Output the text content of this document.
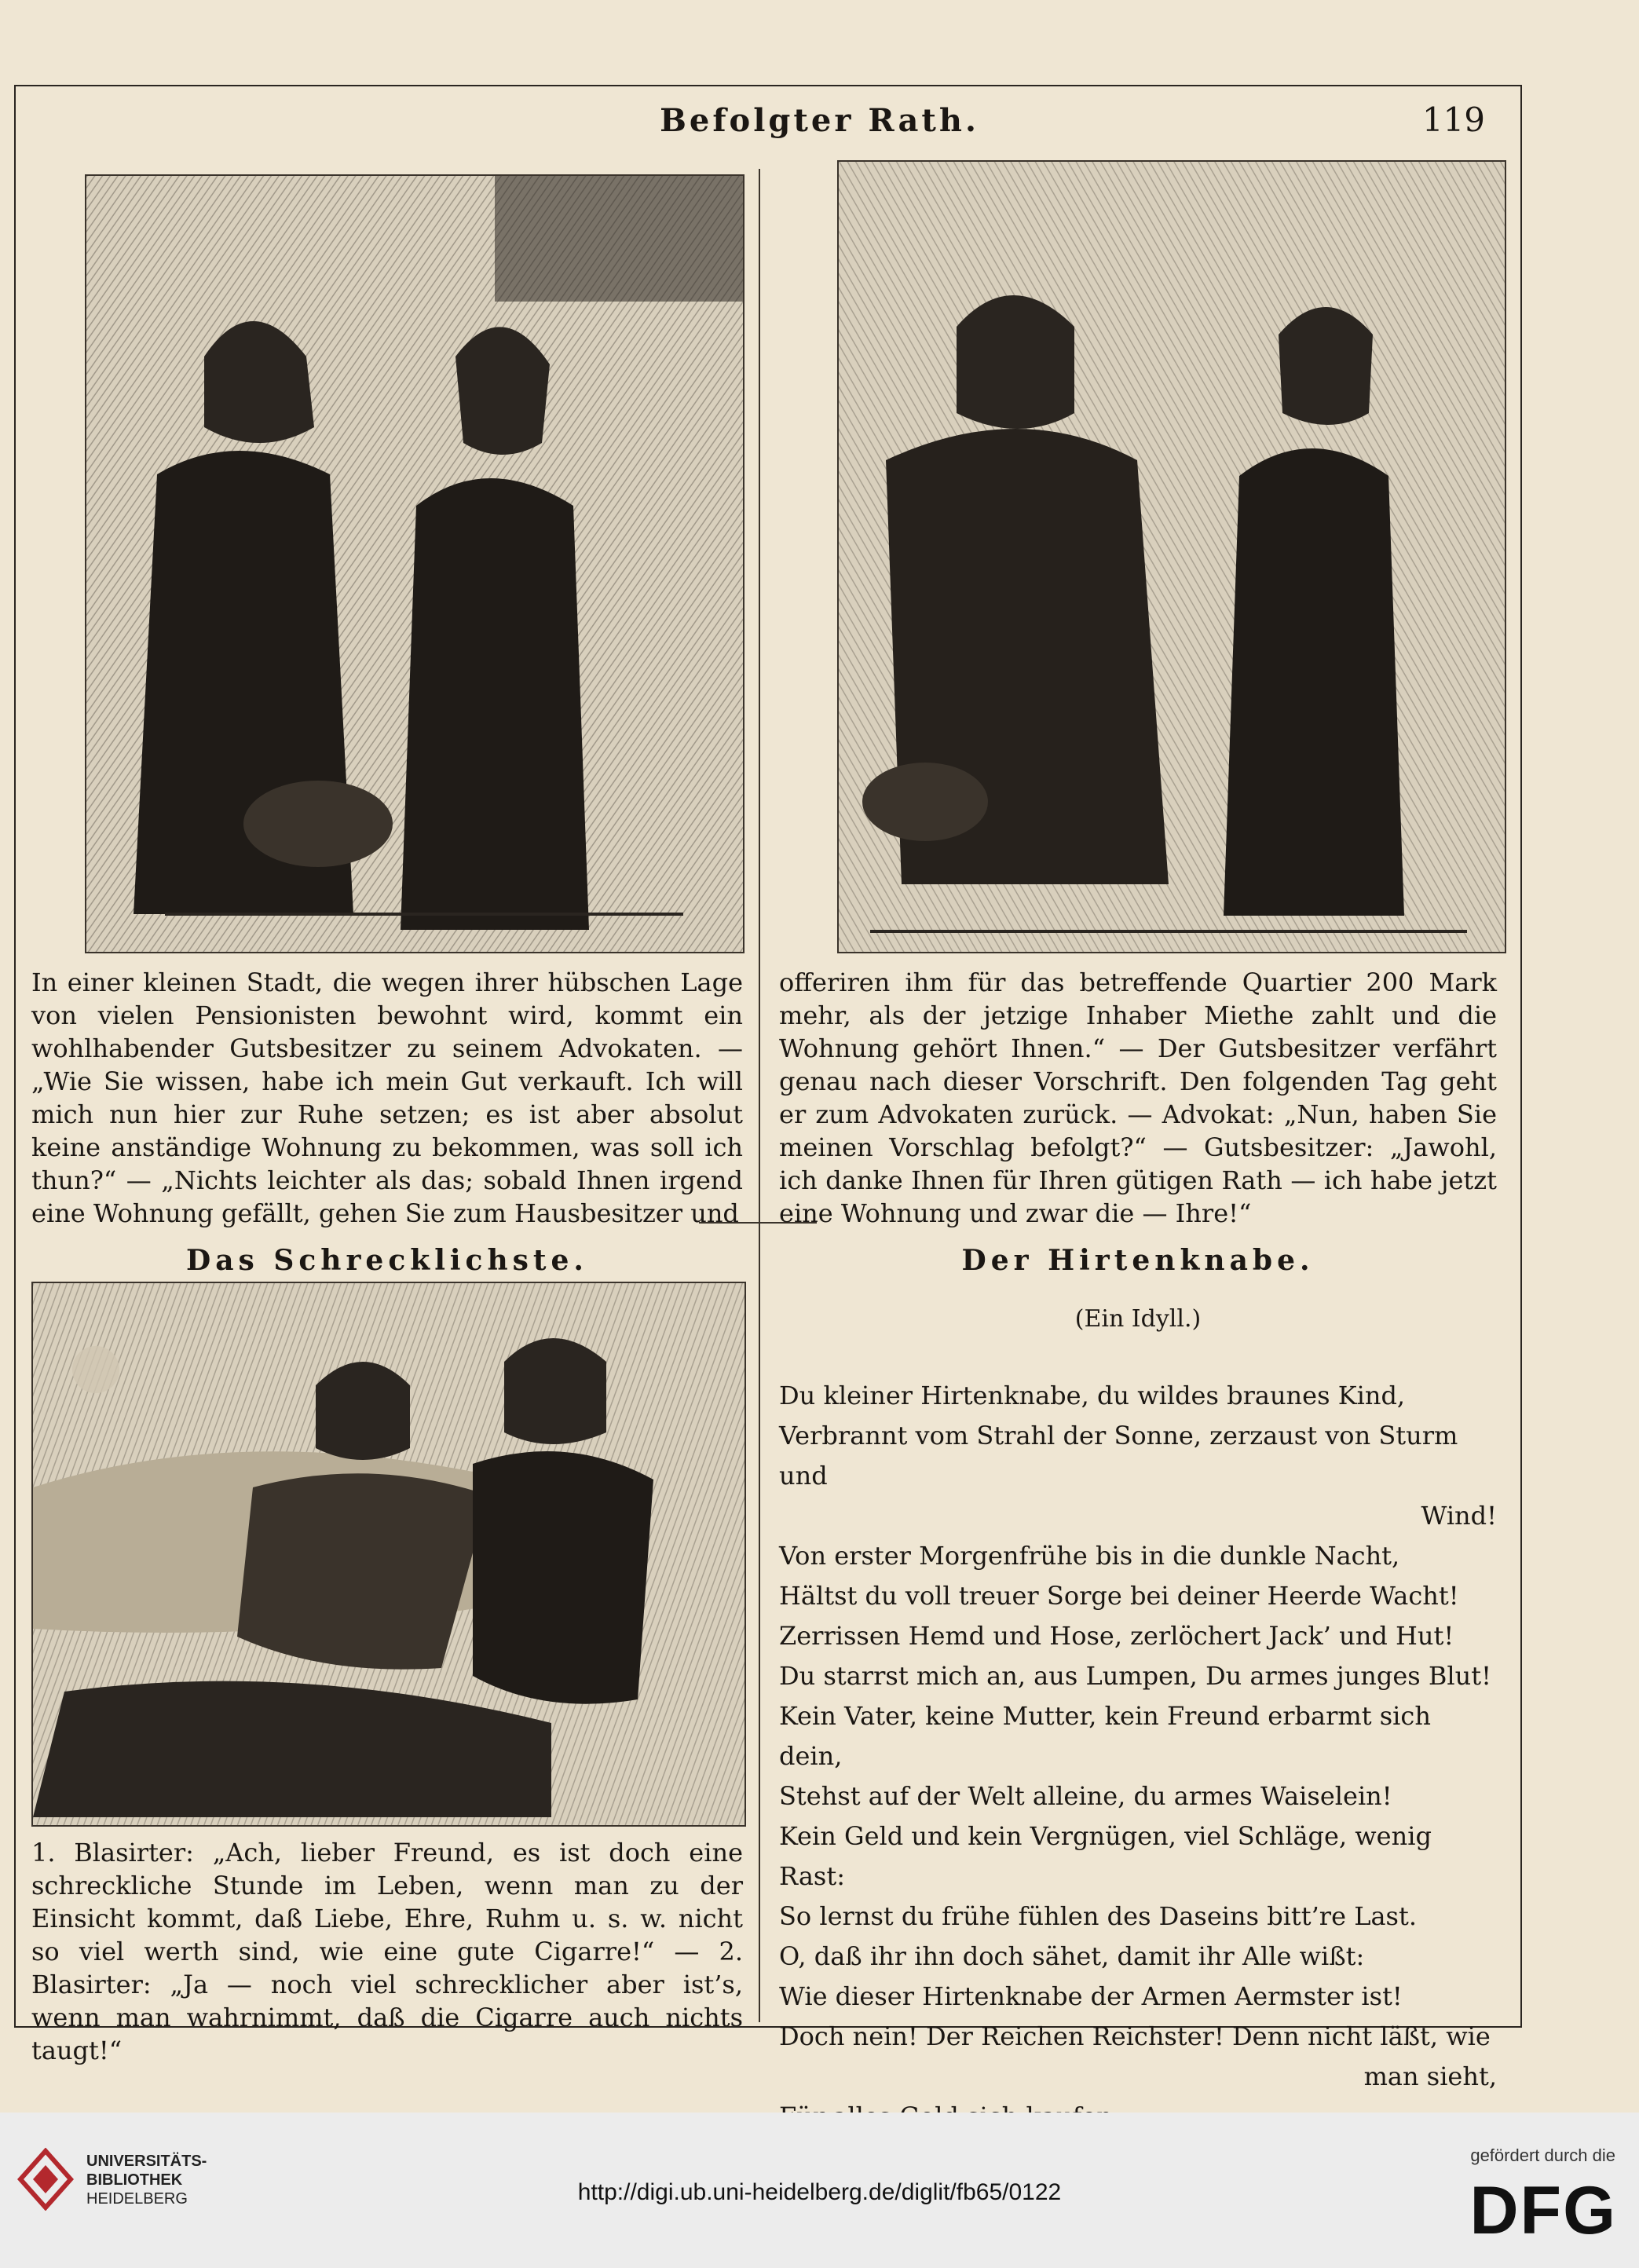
Befolgter Rath.	119
In einer kleinen Stadt, die wegen ihrer hübschen Lage von vielen Pensionisten bewohnt wird, kommt ein wohlhabender Gutsbesitzer zu seinem Advokaten. — „Wie Sie wissen, habe ich mein Gut verkauft. Ich will mich nun hier zur Ruhe setzen; es ist aber absolut keine anständige Wohnung zu bekommen, was soll ich thun?“ — „Nichts leichter als das; sobald Ihnen irgend eine Wohnung gefällt, gehen Sie zum Hausbesitzer und
offeriren ihm für das betreffende Quartier 200 Mark mehr, als der jetzige Inhaber Miethe zahlt und die Wohnung gehört Ihnen.“ — Der Gutsbesitzer verfährt genau nach dieser Vorschrift. Den folgenden Tag geht er zum Advokaten zurück. — Advokat: „Nun, haben Sie meinen Vorschlag befolgt?“ — Gutsbesitzer: „Jawohl, ich danke Ihnen für Ihren gütigen Rath — ich habe jetzt eine Wohnung und zwar die — Ihre!“
Das Schrecklichste.
1. Blasirter: „Ach, lieber Freund, es ist doch eine schreckliche Stunde im Leben, wenn man zu der Einsicht kommt, daß Liebe, Ehre, Ruhm u. s. w. nicht so viel werth sind, wie eine gute Cigarre!“ — 2. Blasirter: „Ja — noch viel schrecklicher aber ist’s, wenn man wahrnimmt, daß die Cigarre auch nichts taugt!“
Der Hirtenknabe.
(Ein Idyll.)
Du kleiner Hirtenknabe, du wildes braunes Kind,
Verbrannt vom Strahl der Sonne, zerzaust von Sturm und
Wind!
Von erster Morgenfrühe bis in die dunkle Nacht,
Hältst du voll treuer Sorge bei deiner Heerde Wacht!
Zerrissen Hemd und Hose, zerlöchert Jack’ und Hut!
Du starrst mich an, aus Lumpen, Du armes junges Blut!
Kein Vater, keine Mutter, kein Freund erbarmt sich dein,
Stehst auf der Welt alleine, du armes Waiselein!
Kein Geld und kein Vergnügen, viel Schläge, wenig Rast:
So lernst du frühe fühlen des Daseins bitt’re Last.
O, daß ihr ihn doch sähet, damit ihr Alle wißt:
Wie dieser Hirtenknabe der Armen Aermster ist!
Doch nein! Der Reichen Reichster! Denn nicht läßt, wie
man sieht,
UNIVERSITÄTS-
BIBLIOTHEK
HEIDELBERG	http://digi.ub.uni-heidelberg.de/diglit/fb65/0122
gefördert durch die
DFG
